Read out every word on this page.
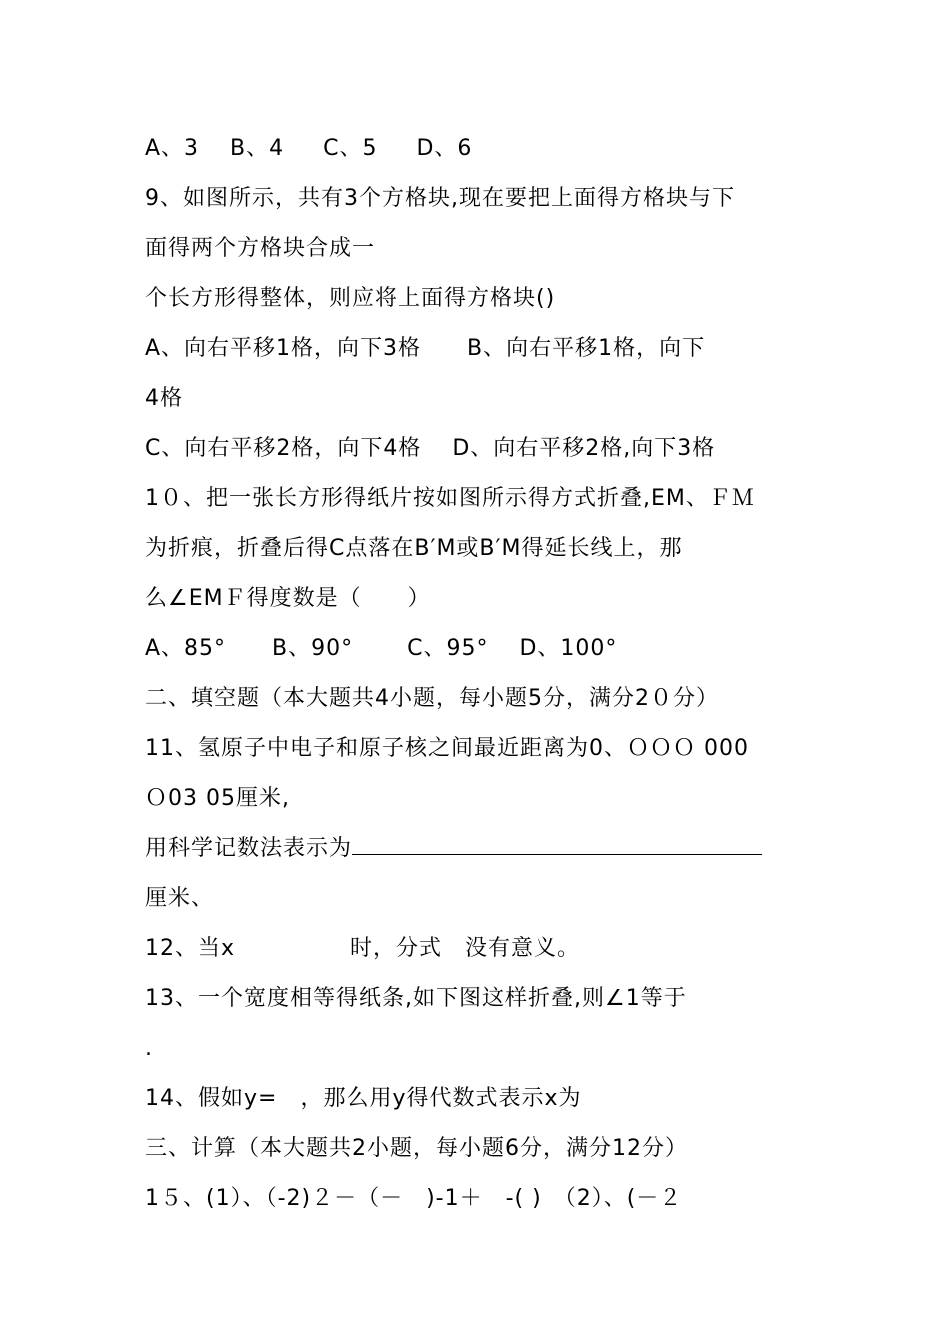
A、3　 B、4 　 C、5 　 D、6
9、如图所示，共有3个方格块,现在要把上面得方格块与下
面得两个方格块合成一
个长方形得整体，则应将上面得方格块()
A、向右平移1格，向下3格　　B、向右平移1格，向下
4格
C、向右平移2格，向下4格　 D、向右平移2格,向下3格
1０、把一张长方形得纸片按如图所示得方式折叠,EM、ＦＭ
为折痕，折叠后得C点落在B′M或B′M得延长线上，那
么∠EMＦ得度数是（　　）
A、85°　　B、90°　　 C、95°　 D、100°
二、填空题（本大题共4小题，每小题5分，满分2０分）
11、氢原子中电子和原子核之间最近距离为0、ＯＯＯ 000
Ｏ03 05厘米,
用科学记数法表示为
厘米、
12、当x　　　　　时，分式　没有意义。
13、一个宽度相等得纸条,如下图这样折叠,则∠1等于
.
14、假如y=　，那么用y得代数式表示x为
三、计算（本大题共2小题，每小题6分，满分12分）
1５、(1）、（-2)２－（－　)-1＋　-( )　（2）、(－２
